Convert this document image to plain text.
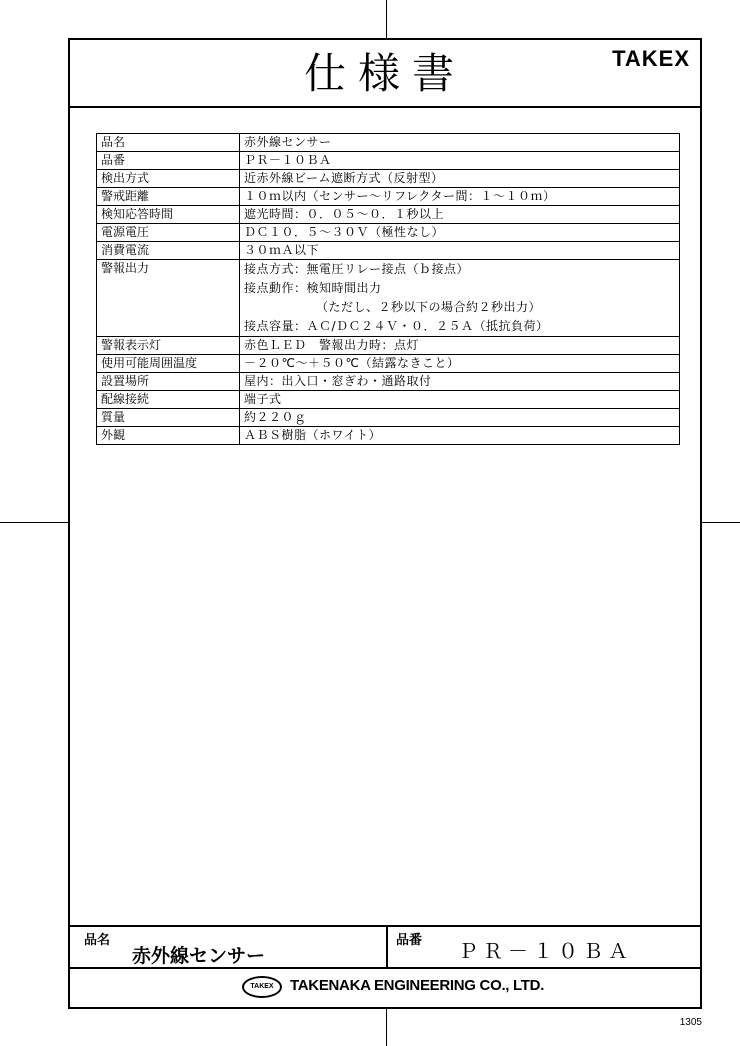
仕様書	TAKEX
品名	赤外線センサー
品番	ＰＲ－１０ＢＡ
検出方式	近赤外線ビーム遮断方式（反射型）
警戒距離	１０ｍ以内（センサー～リフレクター間：１～１０ｍ）
検知応答時間	遮光時間：０．０５～０．１秒以上
電源電圧	ＤＣ１０．５～３０Ｖ（極性なし）
消費電流	３０ｍＡ以下
警報出力	接点方式：無電圧リレー接点（ｂ接点）
接点動作：検知時間出力
（ただし、２秒以下の場合約２秒出力）
接点容量：ＡＣ/ＤＣ２４Ｖ・０．２５Ａ（抵抗負荷）

警報表示灯	赤色ＬＥＤ　警報出力時：点灯
使用可能周囲温度	－２０℃～＋５０℃（結露なきこと）
設置場所	屋内：出入口・窓ぎわ・通路取付
配線接続	端子式
質量	約２２０ｇ
外観	ＡＢＳ樹脂（ホワイト）
品名
赤外線センサー
品番 ＰＲ－１０ＢＡ
TAKEX	TAKENAKA ENGINEERING CO., LTD.
1305
